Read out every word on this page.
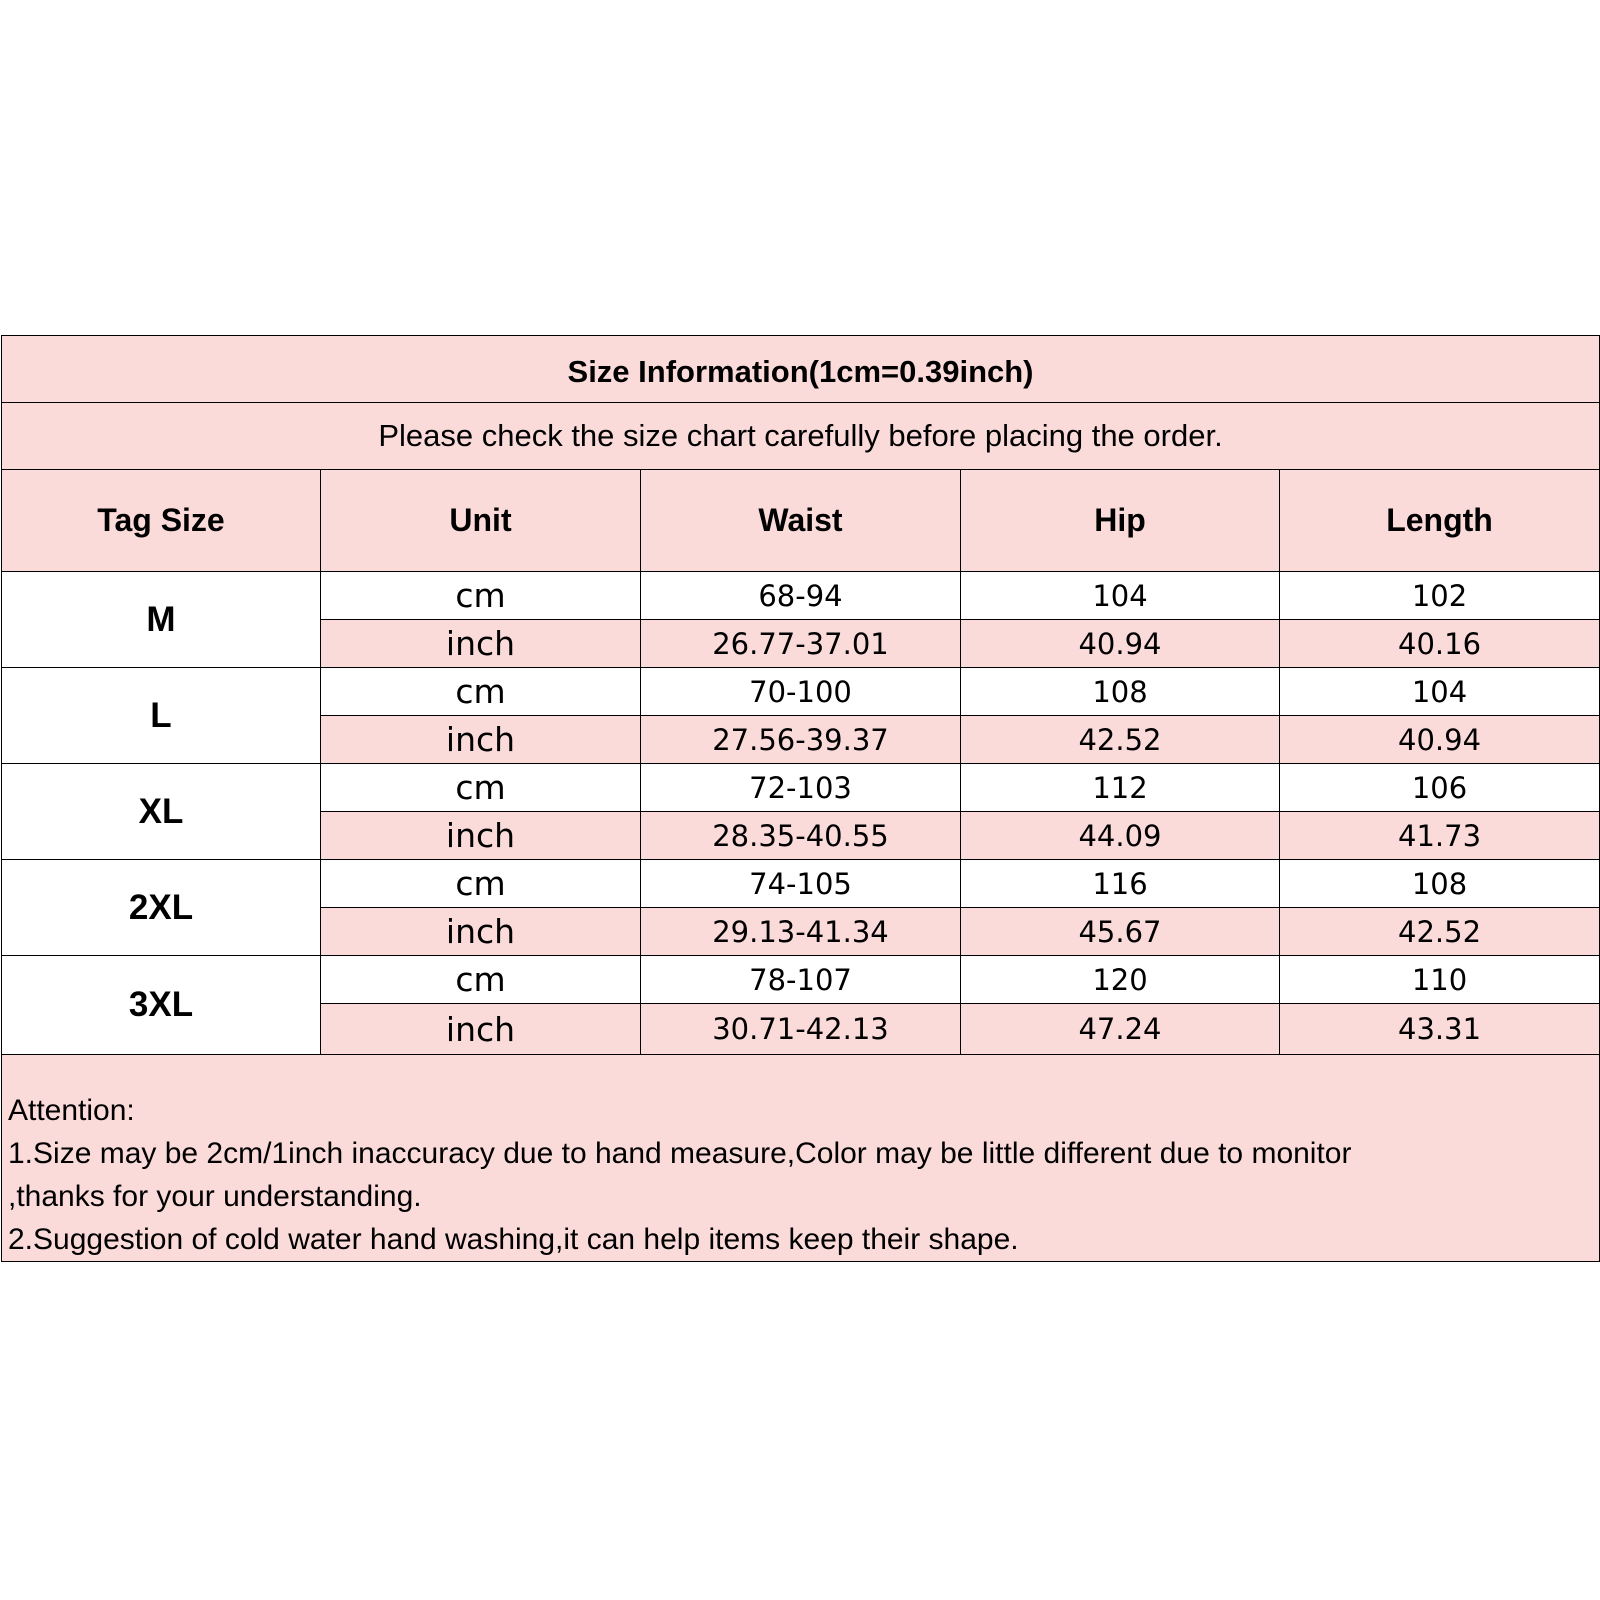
Size Information(1cm=0.39inch)				
Please check the size chart carefully before placing the order.				
Tag Size	Unit	Waist	Hip	Length
M	cm	68-94	104	102
	inch	26.77-37.01	40.94	40.16
L	cm	70-100	108	104
	inch	27.56-39.37	42.52	40.94
XL	cm	72-103	112	106
	inch	28.35-40.55	44.09	41.73
2XL	cm	74-105	116	108
	inch	29.13-41.34	45.67	42.52
3XL	cm	78-107	120	110
	inch	30.71-42.13	47.24	43.31

Attention:
1.Size may be 2cm/1inch inaccuracy due to hand measure,Color may be little different due to monitor
,thanks for your understanding.
2.Suggestion of cold water hand washing,it can help items keep their shape.				
